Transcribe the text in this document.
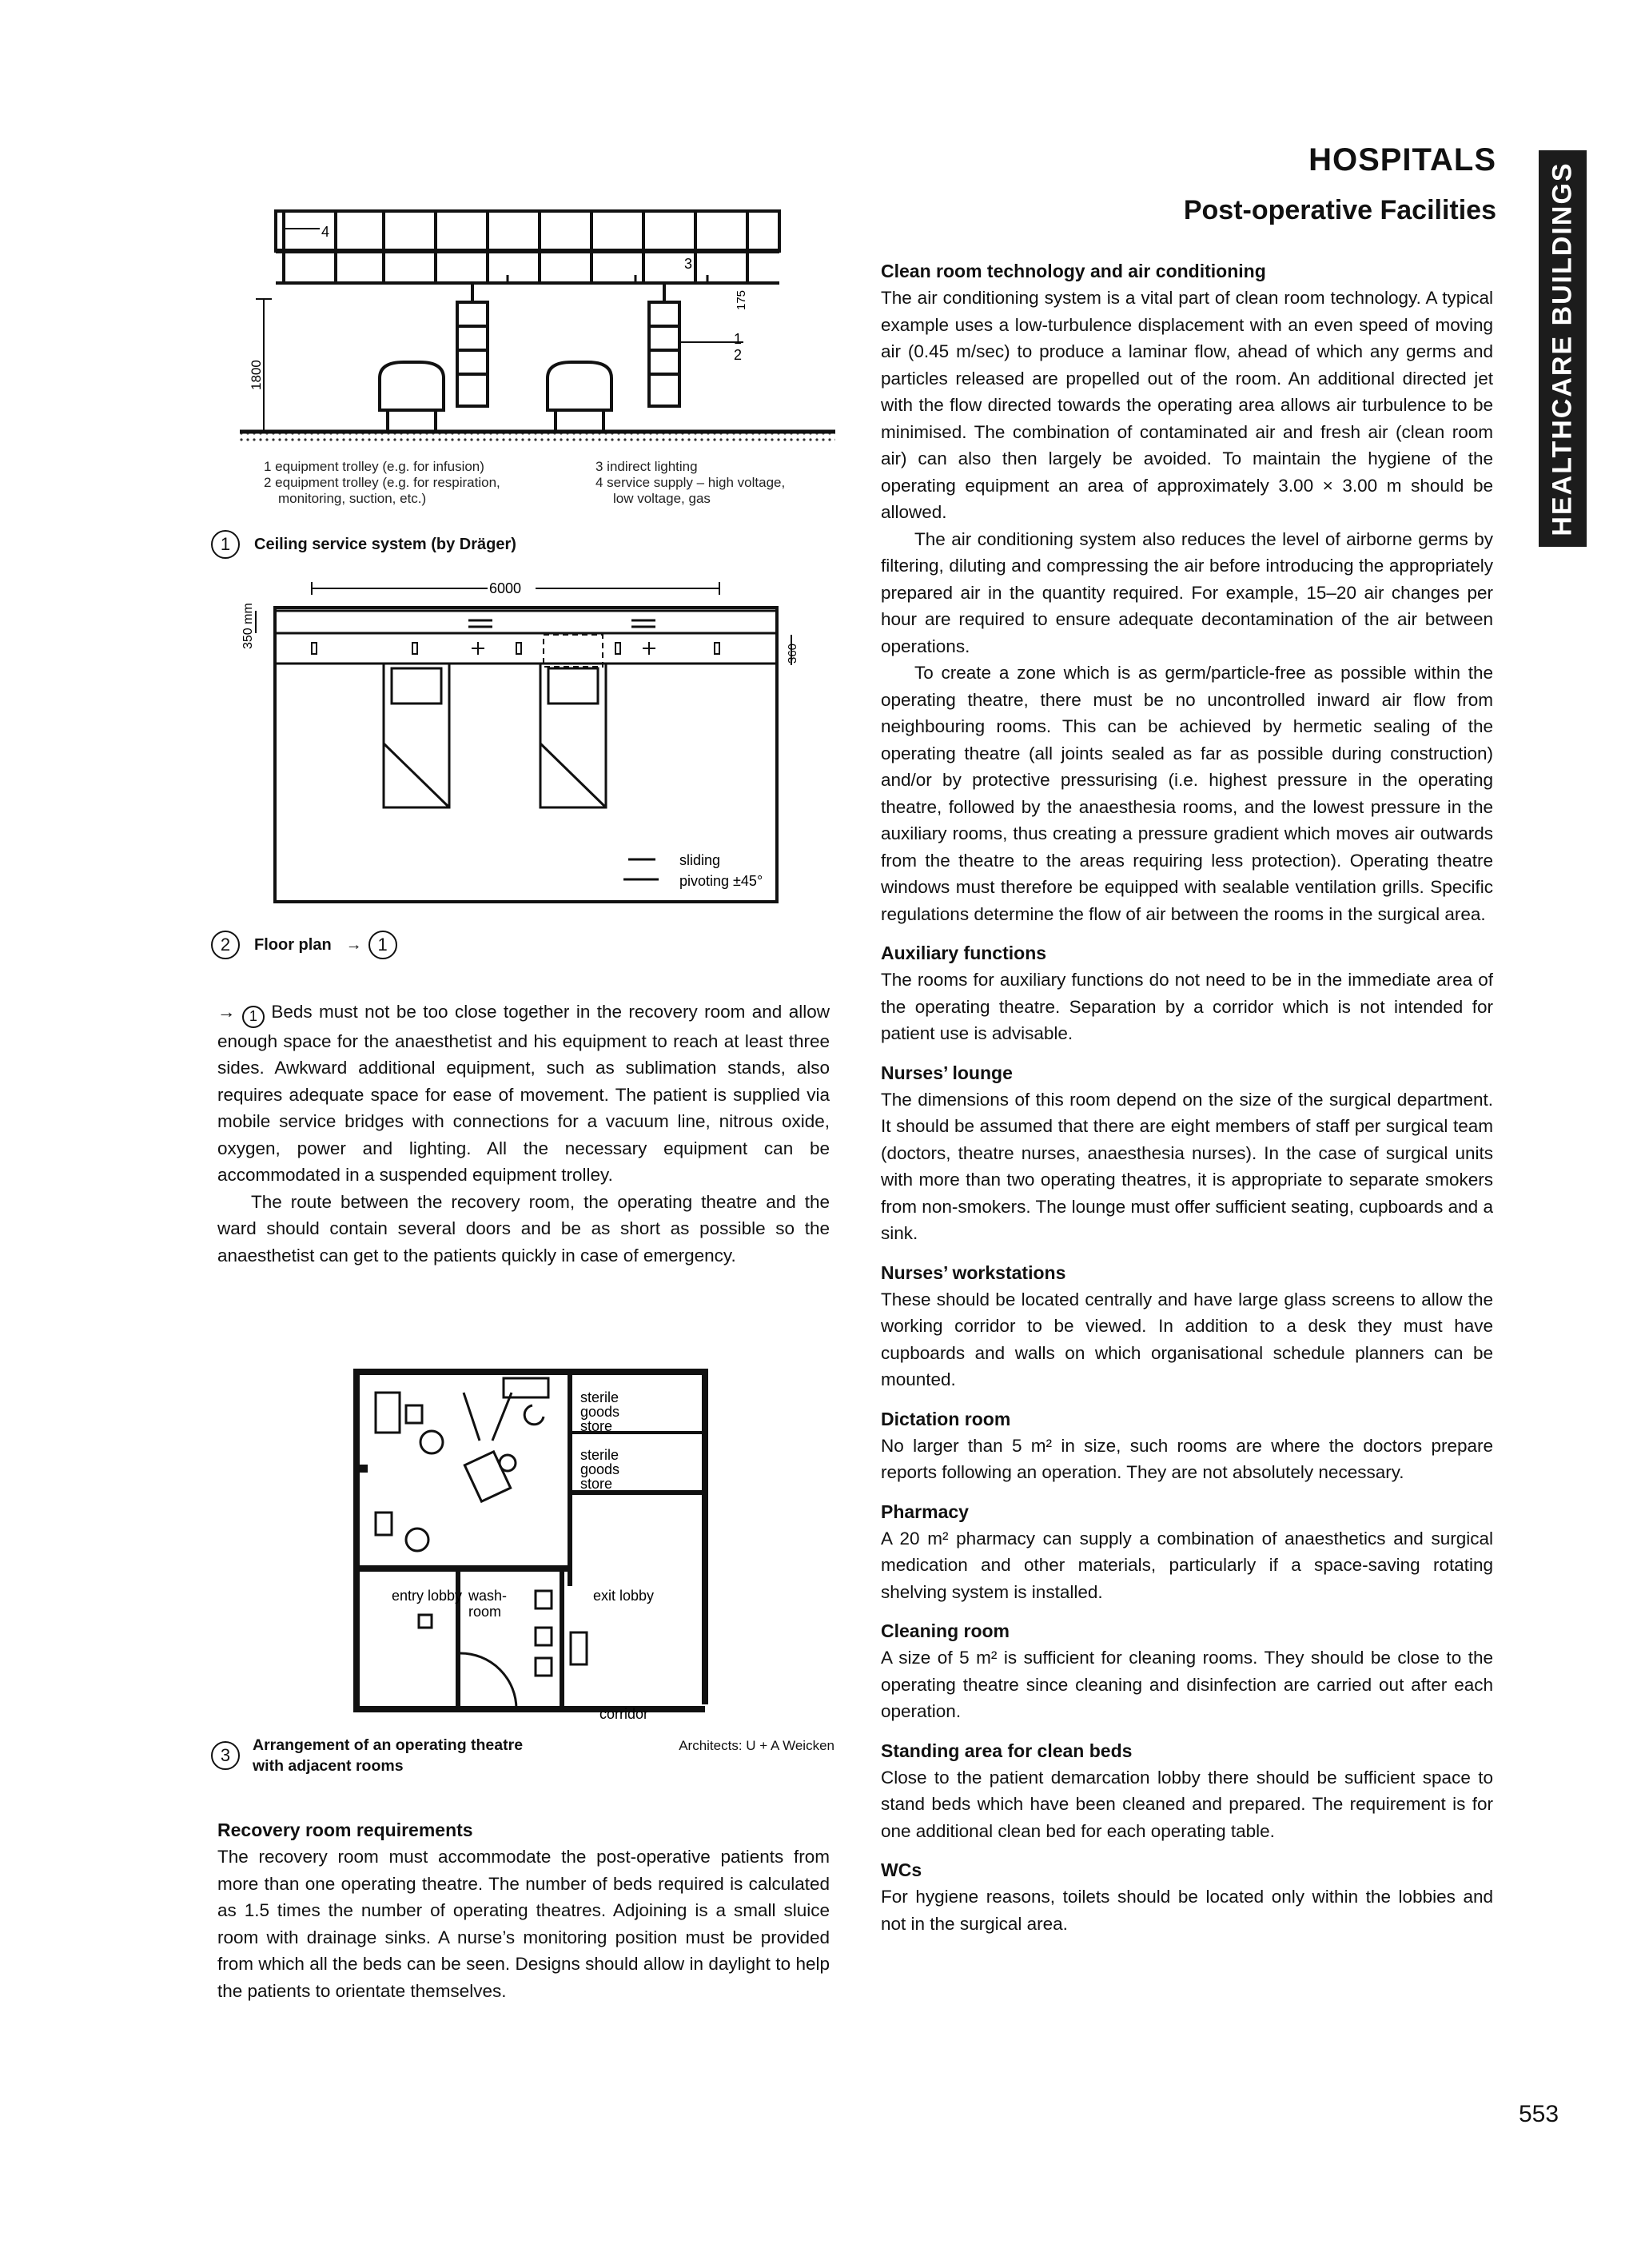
HOSPITALS
Post-operative Facilities HEALTHCARE BUILDINGS
4
3
1
2
1800
175
1 equipment trolley (e.g. for infusion)
2 equipment trolley (e.g. for respiration,
monitoring, suction, etc.)
3 indirect lighting
4 service supply – high voltage,
low voltage, gas
1	Ceiling service system (by Dräger)
6000
350 mm
360
sliding
pivoting ±45°
2	Floor plan → 1

→ 1 Beds must not be too close together in the recovery room and allow enough space for the anaesthetist and his equipment to reach at least three sides. Awkward additional equipment, such as sublimation stands, also requires adequate space for ease of movement. The patient is supplied via mobile service bridges with connections for a vacuum line, nitrous oxide, oxygen, power and lighting. All the necessary equipment can be accommodated in a suspended equipment trolley.

The route between the recovery room, the operating theatre and the ward should contain several doors and be as short as possible so the anaesthetist can get to the patients quickly in case of emergency.

sterile
goods
store
sterile
goods
store
entry lobby wash-
room
exit lobby
corridor
3	Arrangement of an operating theatre
with adjacent rooms
Architects: U + A Weicken
Recovery room requirements

The recovery room must accommodate the post-operative patients from more than one operating theatre. The number of beds required is calculated as 1.5 times the number of operating theatres. Adjoining is a small sluice room with drainage sinks. A nurse’s monitoring position must be provided from which all the beds can be seen. Designs should allow in daylight to help the patients to orientate themselves.

Clean room technology and air conditioning

The air conditioning system is a vital part of clean room technology. A typical example uses a low-turbulence displacement with an even speed of moving air (0.45 m/sec) to produce a laminar flow, ahead of which any germs and particles released are propelled out of the room. An additional directed jet with the flow directed towards the operating area allows air turbulence to be minimised. The combination of contaminated air and fresh air (clean room air) can also then largely be avoided. To maintain the hygiene of the operating equipment an area of approximately 3.00 × 3.00 m should be allowed.

The air conditioning system also reduces the level of airborne germs by filtering, diluting and compressing the air before introducing the appropriately prepared air in the quantity required. For example, 15–20 air changes per hour are required to ensure adequate decontamination of the air between operations.

To create a zone which is as germ/particle-free as possible within the operating theatre, there must be no uncontrolled inward air flow from neighbouring rooms. This can be achieved by hermetic sealing of the operating theatre (all joints sealed as far as possible during construction) and/or by protective pressurising (i.e. highest pressure in the operating theatre, followed by the anaesthesia rooms, and the lowest pressure in the auxiliary rooms, thus creating a pressure gradient which moves air outwards from the theatre to the areas requiring less protection). Operating theatre windows must therefore be equipped with sealable ventilation grills. Specific regulations determine the flow of air between the rooms in the surgical area.

Auxiliary functions

The rooms for auxiliary functions do not need to be in the immediate area of the operating theatre. Separation by a corridor which is not intended for patient use is advisable.

Nurses’ lounge

The dimensions of this room depend on the size of the surgical department. It should be assumed that there are eight members of staff per surgical team (doctors, theatre nurses, anaesthesia nurses). In the case of surgical units with more than two operating theatres, it is appropriate to separate smokers from non-smokers. The lounge must offer sufficient seating, cupboards and a sink.

Nurses’ workstations

These should be located centrally and have large glass screens to allow the working corridor to be viewed. In addition to a desk they must have cupboards and walls on which organisational schedule planners can be mounted.

Dictation room

No larger than 5 m² in size, such rooms are where the doctors prepare reports following an operation. They are not absolutely necessary.

Pharmacy

A 20 m² pharmacy can supply a combination of anaesthetics and surgical medication and other materials, particularly if a space-saving rotating shelving system is installed.

Cleaning room

A size of 5 m² is sufficient for cleaning rooms. They should be close to the operating theatre since cleaning and disinfection are carried out after each operation.

Standing area for clean beds

Close to the patient demarcation lobby there should be sufficient space to stand beds which have been cleaned and prepared. The requirement is for one additional clean bed for each operating table.

WCs

For hygiene reasons, toilets should be located only within the lobbies and not in the surgical area.

553
